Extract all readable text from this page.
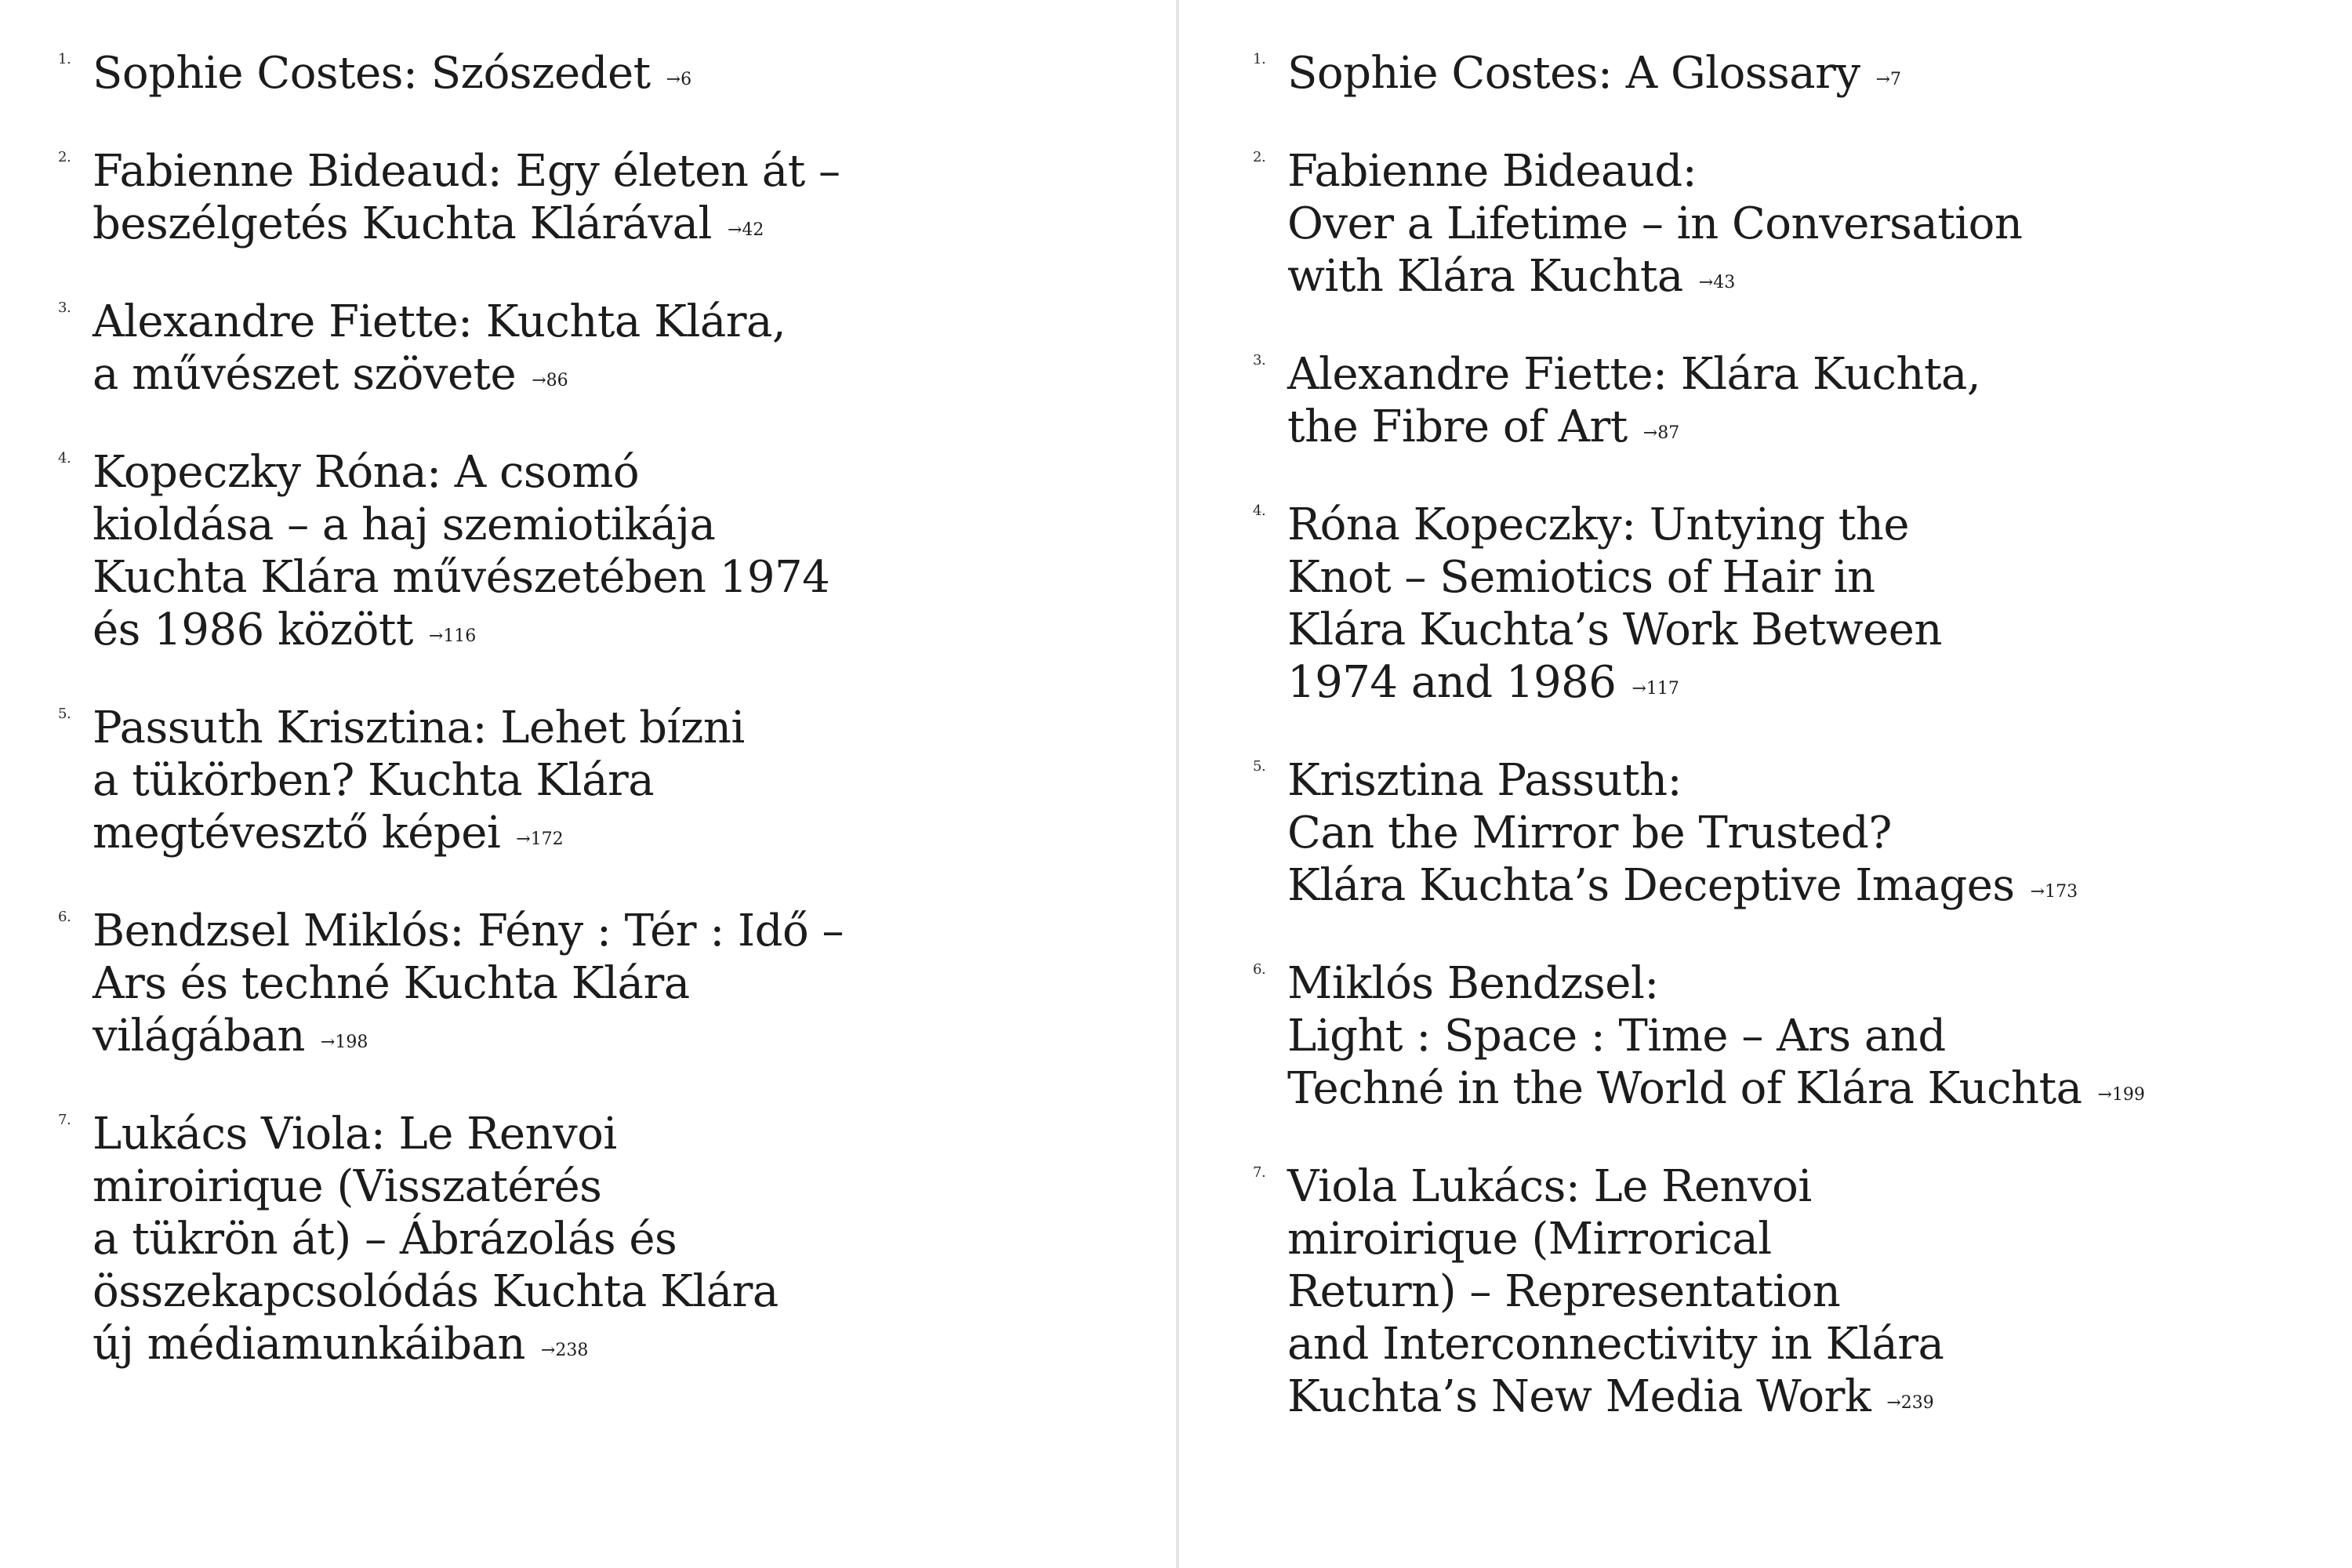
1. Sophie Costes: Szószedet →6
2. Fabienne Bideaud: Egy életen át –
beszélgetés Kuchta Klárával →42
3. Alexandre Fiette: Kuchta Klára,
a művészet szövete →86
4. Kopeczky Róna: A csomó
kioldása – a haj szemiotikája
Kuchta Klára művészetében 1974
és 1986 között →116
5. Passuth Krisztina: Lehet bízni
a tükörben? Kuchta Klára
megtévesztő képei →172
6. Bendzsel Miklós: Fény : Tér : Idő –
Ars és techné Kuchta Klára
világában →198
7. Lukács Viola: Le Renvoi
miroirique (Visszatérés
a tükrön át) – Ábrázolás és
összekapcsolódás Kuchta Klára
új médiamunkáiban →238
1. Sophie Costes: A Glossary →7
2. Fabienne Bideaud:
Over a Lifetime – in Conversation
with Klára Kuchta →43
3. Alexandre Fiette: Klára Kuchta,
the Fibre of Art →87
4. Róna Kopeczky: Untying the
Knot – Semiotics of Hair in
Klára Kuchta’s Work Between
1974 and 1986 →117
5. Krisztina Passuth:
Can the Mirror be Trusted?
Klára Kuchta’s Deceptive Images →173
6. Miklós Bendzsel:
Light : Space : Time – Ars and
Techné in the World of Klára Kuchta →199
7. Viola Lukács: Le Renvoi
miroirique (Mirrorical
Return) – Representation
and Interconnectivity in Klára
Kuchta’s New Media Work →239
